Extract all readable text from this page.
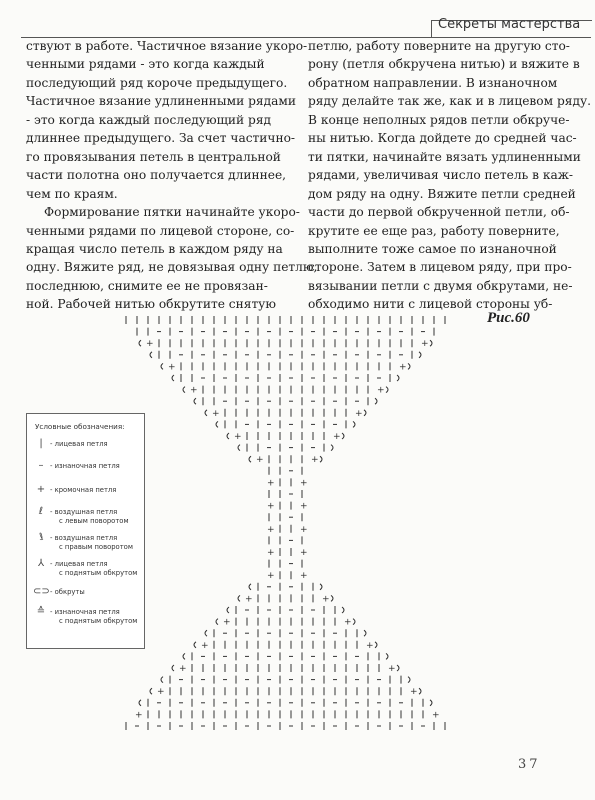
Секреты мастерства

ствуют в работе. Частичное вязание укоро-

ченными рядами - это когда каждый

последующий ряд короче предыдущего.

Частичное вязание удлиненными рядами

- это когда каждый последующий ряд

длиннее предыдущего. За счет частично-

го провязывания петель в центральной

части полотна оно получается длиннее,

чем по краям.

Формирование пятки начинайте укоро-

ченными рядами по лицевой стороне, со-

кращая число петель в каждом ряду на

одну. Вяжите ряд, не довязывая одну петлю,

последнюю, снимите ее не провязан-

ной. Рабочей нитью обкрутите снятую

петлю, работу поверните на другую сто-

рону (петля обкручена нитью) и вяжите в

обратном направлении. В изнаночном

ряду делайте так же, как и в лицевом ряду.

В конце неполных рядов петли обкруче-

ны нитью. Когда дойдете до средней час-

ти пятки, начинайте вязать удлиненными

рядами, увеличивая число петель в каж-

дом ряду на одну. Вяжите петли средней

части до первой обкрученной петли, об-

крутите ее еще раз, работу поверните,

выполните тоже самое по изнаночной

стороне. Затем в лицевом ряду, при про-

вязывании петли с двумя обкрутами, не-

обходимо нити с лицевой стороны уб-

Рис.60
+	+
+	+
+	+
+	+
+	+
+	+
+	+
+	+
+	+
+	+
+	+
+	+
+	+
+	+
+	+
+	+
+	+
Условные обозначения:
|	- лицевая петля
– - изнаночная петля
+ - кромочная петля
ℓ	- воздушная петля
с левым поворотом
ℓ	- воздушная петля
с правым поворотом
⅄ - лицевая петля
с поднятым обкрутом
⊂⊃ - обкруты
≙ - изнаночная петля
с поднятым обкрутом
37
